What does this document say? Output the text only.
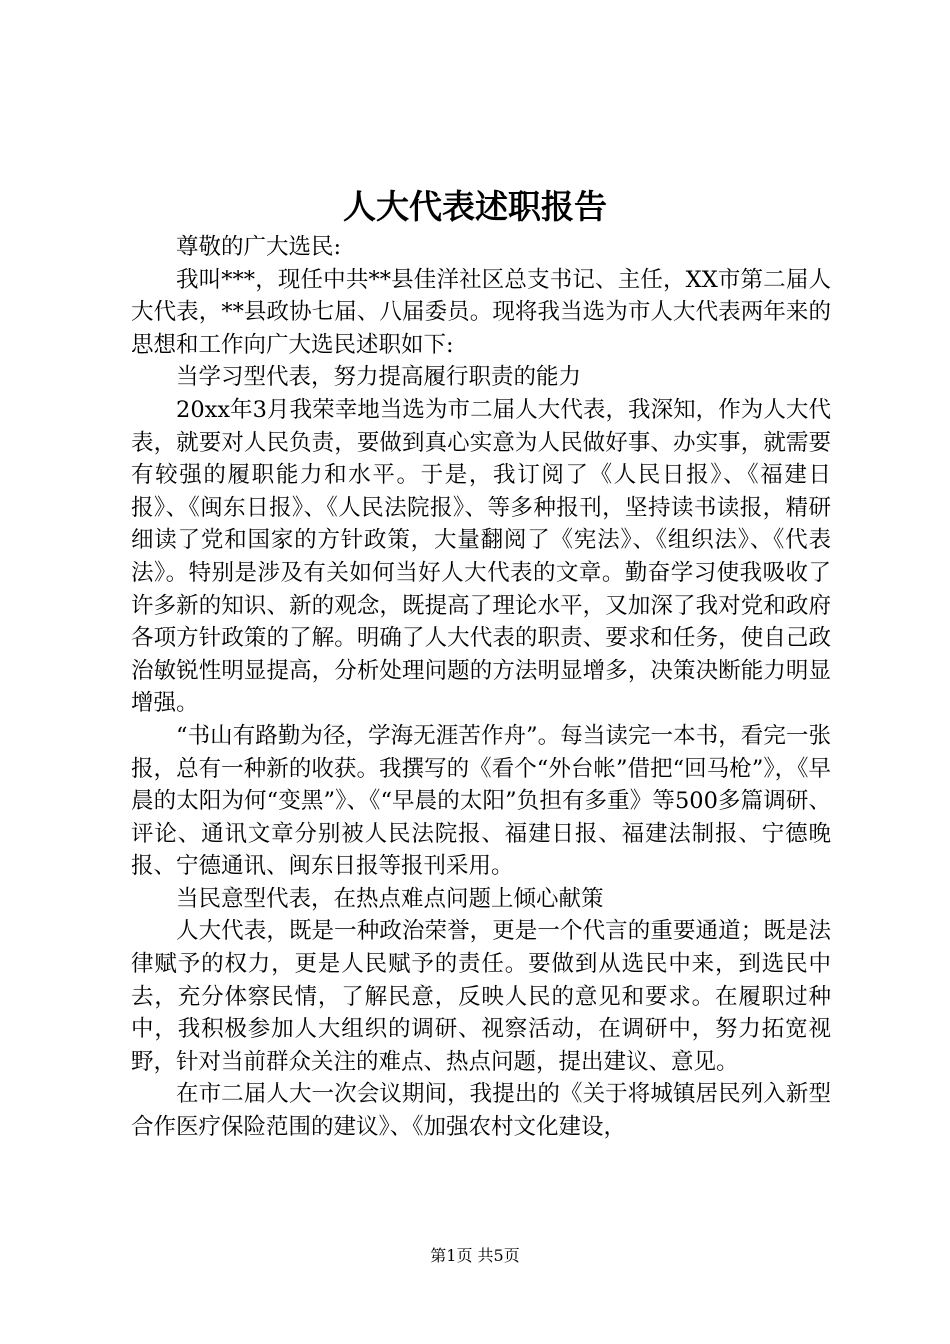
人大代表述职报告

尊敬的广大选民:

我叫***，现任中共**县佳洋社区总支书记、主任，XX市第二届人大代表，**县政协七届、八届委员。现将我当选为市人大代表两年来的思想和工作向广大选民述职如下:

当学习型代表，努力提高履行职责的能力

20xx年3月我荣幸地当选为市二届人大代表，我深知，作为人大代表，就要对人民负责，要做到真心实意为人民做好事、办实事，就需要有较强的履职能力和水平。于是，我订阅了《人民日报》、《福建日报》、《闽东日报》、《人民法院报》、等多种报刊，坚持读书读报，精研细读了党和国家的方针政策，大量翻阅了《宪法》、《组织法》、《代表法》。特别是涉及有关如何当好人大代表的文章。勤奋学习使我吸收了许多新的知识、新的观念，既提高了理论水平，又加深了我对党和政府各项方针政策的了解。明确了人大代表的职责、要求和任务，使自己政治敏锐性明显提高，分析处理问题的方法明显增多，决策决断能力明显增强。

“书山有路勤为径，学海无涯苦作舟”。每当读完一本书，看完一张报，总有一种新的收获。我撰写的《看个“外台帐”借把“回马枪”》，《早晨的太阳为何“变黑”》、《“早晨的太阳”负担有多重》等500多篇调研、评论、通讯文章分别被人民法院报、福建日报、福建法制报、宁德晚报、宁德通讯、闽东日报等报刊采用。

当民意型代表，在热点难点问题上倾心献策

人大代表，既是一种政治荣誉，更是一个代言的重要通道；既是法律赋予的权力，更是人民赋予的责任。要做到从选民中来，到选民中去，充分体察民情，了解民意，反映人民的意见和要求。在履职过种中，我积极参加人大组织的调研、视察活动，在调研中，努力拓宽视野，针对当前群众关注的难点、热点问题，提出建议、意见。

在市二届人大一次会议期间，我提出的《关于将城镇居民列入新型合作医疗保险范围的建议》、《加强农村文化建设，

第1页 共5页
